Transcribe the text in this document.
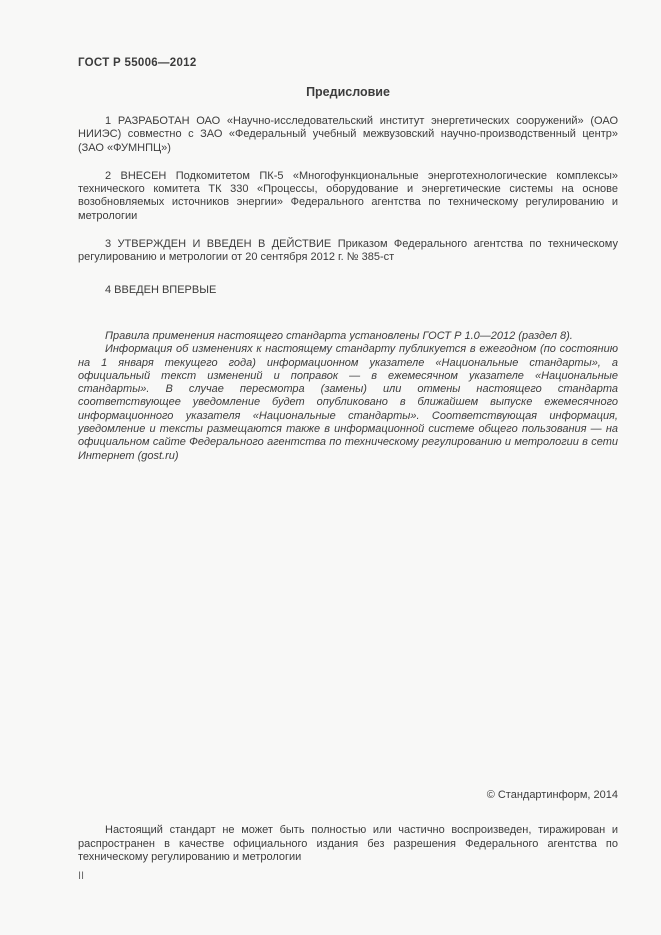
ГОСТ Р 55006—2012
Предисловие

1 РАЗРАБОТАН ОАО «Научно-исследовательский институт энергетических сооружений» (ОАО НИИЭС) совместно с ЗАО «Федеральный учебный межвузовский научно-производственный центр» (ЗАО «ФУМНПЦ»)

2 ВНЕСЕН Подкомитетом ПК-5 «Многофункциональные энерготехнологические комплексы» технического комитета ТК 330 «Процессы, оборудование и энергетические системы на основе возобновляемых источников энергии» Федерального агентства по техническому регулированию и метрологии

3 УТВЕРЖДЕН И ВВЕДЕН В ДЕЙСТВИЕ Приказом Федерального агентства по техническому регулированию и метрологии от 20 сентября 2012 г. № 385-ст

4 ВВЕДЕН ВПЕРВЫЕ

Правила применения настоящего стандарта установлены ГОСТ Р 1.0—2012 (раздел 8).

Информация об изменениях к настоящему стандарту публикуется в ежегодном (по состоянию на 1 января текущего года) информационном указателе «Национальные стандарты», а официальный текст изменений и поправок — в ежемесячном указателе «Национальные стандарты». В случае пересмотра (замены) или отмены настоящего стандарта соответствующее уведомление будет опубликовано в ближайшем выпуске ежемесячного информационного указателя «Национальные стандарты». Соответствующая информация, уведомление и тексты размещаются также в информационной системе общего пользования — на официальном сайте Федерального агентства по техническому регулированию и метрологии в сети Интернет (gost.ru)

© Стандартинформ, 2014

Настоящий стандарт не может быть полностью или частично воспроизведен, тиражирован и распространен в качестве официального издания без разрешения Федерального агентства по техническому регулированию и метрологии

II
